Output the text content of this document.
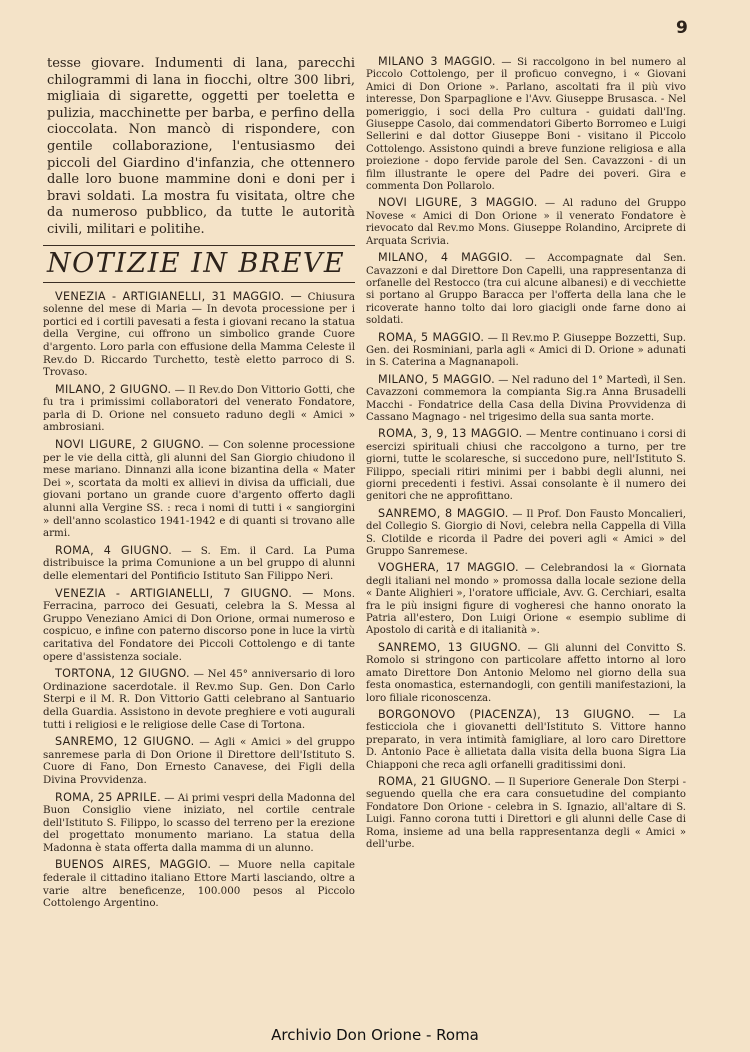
9

tesse giovare. Indumenti di lana, parecchi chilogrammi di lana in fiocchi, oltre 300 libri, migliaia di sigarette, oggetti per toeletta e pulizia, macchinette per barba, e perfino della cioccolata. Non mancò di rispondere, con gentile collaborazione, l'entusiasmo dei piccoli del Giardino d'infanzia, che ottennero dalle loro buone mammine doni e doni per i bravi soldati. La mostra fu visitata, oltre che da numeroso pubblico, da tutte le autorità civili, militari e politihe.

NOTIZIE IN BREVE

VENEZIA - ARTIGIANELLI, 31 MAGGIO. — Chiusura solenne del mese di Maria — In devota processione per i portici ed i cortili pavesati a festa i giovani recano la statua della Vergine, cui offrono un simbolico grande Cuore d'argento. Loro parla con effusione della Mamma Celeste il Rev.do D. Riccardo Turchetto, testè eletto parroco di S. Trovaso.

MILANO, 2 GIUGNO. — Il Rev.do Don Vittorio Gotti, che fu tra i primissimi collaboratori del venerato Fondatore, parla di D. Orione nel consueto raduno degli « Amici » ambrosiani.

NOVI LIGURE, 2 GIUGNO. — Con solenne processione per le vie della città, gli alunni del San Giorgio chiudono il mese mariano. Dinnanzi alla icone bizantina della « Mater Dei », scortata da molti ex allievi in divisa da ufficiali, due giovani portano un grande cuore d'argento offerto dagli alunni alla Vergine SS. : reca i nomi di tutti i « sangiorgini » dell'anno scolastico 1941-1942 e di quanti si trovano alle armi.

ROMA, 4 GIUGNO. — S. Em. il Card. La Puma distribuisce la prima Comunione a un bel gruppo di alunni delle elementari del Pontificio Istituto San Filippo Neri.

VENEZIA - ARTIGIANELLI, 7 GIUGNO. — Mons. Ferracina, parroco dei Gesuati, celebra la S. Messa al Gruppo Veneziano Amici di Don Orione, ormai numeroso e cospicuo, e infine con paterno discorso pone in luce la virtù caritativa del Fondatore dei Piccoli Cottolengo e di tante opere d'assistenza sociale.

TORTONA, 12 GIUGNO. — Nel 45° anniversario di loro Ordinazione sacerdotale. il Rev.mo Sup. Gen. Don Carlo Sterpi e il M. R. Don Vittorio Gatti celebrano al Santuario della Guardia. Assistono in devote preghiere e voti augurali tutti i religiosi e le religiose delle Case di Tortona.

SANREMO, 12 GIUGNO. — Agli « Amici » del gruppo sanremese parla di Don Orione il Direttore dell'Istituto S. Cuore di Fano, Don Ernesto Canavese, dei Figli della Divina Provvidenza.

ROMA, 25 APRILE. — Ai primi vespri della Madonna del Buon Consiglio viene iniziato, nel cortile centrale dell'Istituto S. Filippo, lo scasso del terreno per la erezione del progettato monumento mariano. La statua della Madonna è stata offerta dalla mamma di un alunno.

BUENOS AIRES, MAGGIO. — Muore nella capitale federale il cittadino italiano Ettore Marti lasciando, oltre a varie altre beneficenze, 100.000 pesos al Piccolo Cottolengo Argentino.

MILANO 3 MAGGIO. — Si raccolgono in bel numero al Piccolo Cottolengo, per il proficuo convegno, i « Giovani Amici di Don Orione ». Parlano, ascoltati fra il più vivo interesse, Don Sparpaglione e l'Avv. Giuseppe Brusasca. - Nel pomeriggio, i soci della Pro cultura - guidati dall'Ing. Giuseppe Casolo, dai commendatori Giberto Borromeo e Luigi Sellerini e dal dottor Giuseppe Boni - visitano il Piccolo Cottolengo. Assistono quindi a breve funzione religiosa e alla proiezione - dopo fervide parole del Sen. Cavazzoni - di un film illustrante le opere del Padre dei poveri. Gira e commenta Don Pollarolo.

NOVI LIGURE, 3 MAGGIO. — Al raduno del Gruppo Novese « Amici di Don Orione » il venerato Fondatore è rievocato dal Rev.mo Mons. Giuseppe Rolandino, Arciprete di Arquata Scrivia.

MILANO, 4 MAGGIO. — Accompagnate dal Sen. Cavazzoni e dal Direttore Don Capelli, una rappresentanza di orfanelle del Restocco (tra cui alcune albanesi) e di vecchiette si portano al Gruppo Baracca per l'offerta della lana che le ricoverate hanno tolto dai loro giacigli onde farne dono ai soldati.

ROMA, 5 MAGGIO. — Il Rev.mo P. Giuseppe Bozzetti, Sup. Gen. dei Rosminiani, parla agli « Amici di D. Orione » adunati in S. Caterina a Magnanapoli.

MILANO, 5 MAGGIO. — Nel raduno del 1° Martedì, il Sen. Cavazzoni commemora la compianta Sig.ra Anna Brusadelli Macchi - Fondatrice della Casa della Divina Provvidenza di Cassano Magnago - nel trigesimo della sua santa morte.

ROMA, 3, 9, 13 MAGGIO. — Mentre continuano i corsi di esercizi spirituali chiusi che raccolgono a turno, per tre giorni, tutte le scolaresche, si succedono pure, nell'Istituto S. Filippo, speciali ritiri minimi per i babbi degli alunni, nei giorni precedenti i festivi. Assai consolante è il numero dei genitori che ne approfittano.

SANREMO, 8 MAGGIO. — Il Prof. Don Fausto Moncalieri, del Collegio S. Giorgio di Novi, celebra nella Cappella di Villa S. Clotilde e ricorda il Padre dei poveri agli « Amici » del Gruppo Sanremese.

VOGHERA, 17 MAGGIO. — Celebrandosi la « Giornata degli italiani nel mondo » promossa dalla locale sezione della « Dante Alighieri », l'oratore ufficiale, Avv. G. Cerchiari, esalta fra le più insigni figure di vogheresi che hanno onorato la Patria all'estero, Don Luigi Orione « esempio sublime di Apostolo di carità e di italianità ».

SANREMO, 13 GIUGNO. — Gli alunni del Convitto S. Romolo si stringono con particolare affetto intorno al loro amato Direttore Don Antonio Melomo nel giorno della sua festa onomastica, esternandogli, con gentili manifestazioni, la loro filiale riconoscenza.

BORGONOVO (PIACENZA), 13 GIUGNO. — La festicciola che i giovanetti dell'Istituto S. Vittore hanno preparato, in vera intimità famigliare, al loro caro Direttore D. Antonio Pace è allietata dalla visita della buona Sigra Lia Chiapponi che reca agli orfanelli graditissimi doni.

ROMA, 21 GIUGNO. — Il Superiore Generale Don Sterpi - seguendo quella che era cara consuetudine del compianto Fondatore Don Orione - celebra in S. Ignazio, all'altare di S. Luigi. Fanno corona tutti i Direttori e gli alunni delle Case di Roma, insieme ad una bella rappresentanza degli « Amici » dell'urbe.

Archivio Don Orione - Roma
